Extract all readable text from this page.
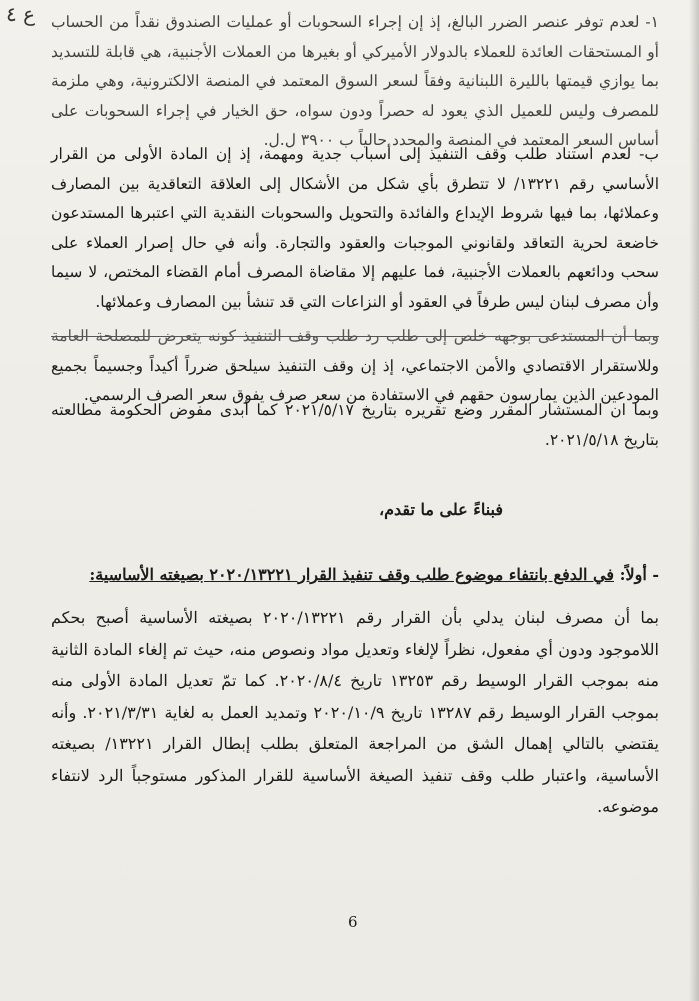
ع ٤ ١- لعدم توفر عنصر الضرر البالغ، إذ إن إجراء السحوبات أو عمليات الصندوق نقداً من الحساب أو المستحقات العائدة للعملاء بالدولار الأميركي أو بغيرها من العملات الأجنبية، هي قابلة للتسديد بما يوازي قيمتها بالليرة اللبنانية وفقاً لسعر السوق المعتمد في المنصة الالكترونية، وهي ملزمة للمصرف وليس للعميل الذي يعود له حصراً ودون سواه، حق الخيار في إجراء السحوبات على أساس السعر المعتمد في المنصة والمحدد حالياً ب ٣٩٠٠ ل.ل.

ب- لعدم استناد طلب وقف التنفيذ إلى أسباب جدية ومهمة، إذ إن المادة الأولى من القرار الأساسي رقم ١٣٢٢١/ لا تتطرق بأي شكل من الأشكال إلى العلاقة التعاقدية بين المصارف وعملائها، بما فيها شروط الإيداع والفائدة والتحويل والسحوبات النقدية التي اعتبرها المستدعون خاضعة لحرية التعاقد ولقانوني الموجبات والعقود والتجارة. وأنه في حال إصرار العملاء على سحب ودائعهم بالعملات الأجنبية، فما عليهم إلا مقاضاة المصرف أمام القضاء المختص، لا سيما وأن مصرف لبنان ليس طرفاً في العقود أو النزاعات التي قد تنشأ بين المصارف وعملائها.

وبما أن المستدعى بوجهه خلص إلى طلب رد طلب وقف التنفيذ كونه يتعرض للمصلحة العامة وللاستقرار الاقتصادي والأمن الاجتماعي، إذ إن وقف التنفيذ سيلحق ضرراً أكيداً وجسيماً بجميع المودعين الذين يمارسون حقهم في الاستفادة من سعر صرف يفوق سعر الصرف الرسمي.

وبما ان المستشار المقرر وضع تقريره بتاريخ ٢٠٢١/٥/١٧ كما أبدى مفوض الحكومة مطالعته بتاريخ ٢٠٢١/٥/١٨.

فبناءً على ما تقدم،
- أولاً: في الدفع بانتفاء موضوع طلب وقف تنفيذ القرار ٢٠٢٠/١٣٢٢١ بصيغته الأساسية:

بما أن مصرف لبنان يدلي بأن القرار رقم ٢٠٢٠/١٣٢٢١ بصيغته الأساسية أصبح بحكم اللاموجود ودون أي مفعول، نظراً لإلغاء وتعديل مواد ونصوص منه، حيث تم إلغاء المادة الثانية منه بموجب القرار الوسيط رقم ١٣٢٥٣ تاريخ ٢٠٢٠/٨/٤. كما تمّ تعديل المادة الأولى منه بموجب القرار الوسيط رقم ١٣٢٨٧ تاريخ ٢٠٢٠/١٠/٩ وتمديد العمل به لغاية ٢٠٢١/٣/٣١. وأنه يقتضي بالتالي إهمال الشق من المراجعة المتعلق بطلب إبطال القرار ١٣٢٢١/ بصيغته الأساسية، واعتبار طلب وقف تنفيذ الصيغة الأساسية للقرار المذكور مستوجباً الرد لانتفاء موضوعه.

6
